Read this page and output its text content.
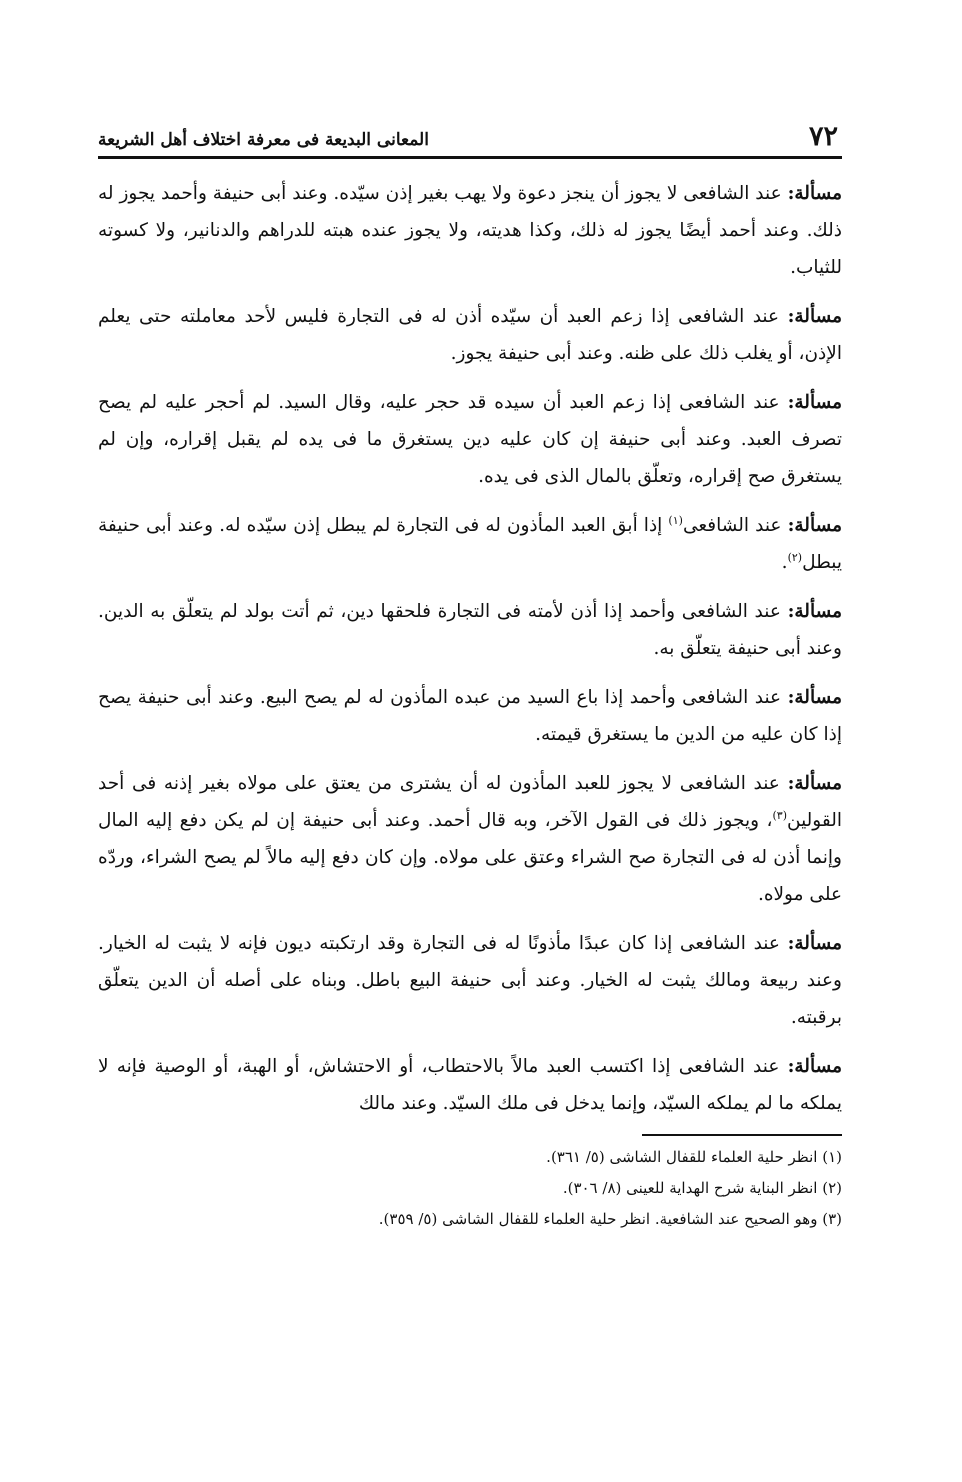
٧٢
المعانى البديعة فى معرفة اختلاف أهل الشريعة

مسألة: عند الشافعى لا يجوز أن ينجز دعوة ولا يهب بغير إذن سيّده. وعند أبى حنيفة وأحمد يجوز له ذلك. وعند أحمد أيضًا يجوز له ذلك، وكذا هديته، ولا يجوز عنده هبته للدراهم والدنانير، ولا كسوته للثياب.

مسألة: عند الشافعى إذا زعم العبد أن سيّده أذن له فى التجارة فليس لأحد معاملته حتى يعلم الإذن، أو يغلب ذلك على ظنه. وعند أبى حنيفة يجوز.

مسألة: عند الشافعى إذا زعم العبد أن سيده قد حجر عليه، وقال السيد. لم أحجر عليه لم يصح تصرف العبد. وعند أبى حنيفة إن كان عليه دين يستغرق ما فى يده لم يقبل إقراره، وإن لم يستغرق صح إقراره، وتعلّق بالمال الذى فى يده.

مسألة: عند الشافعى$^{(١)}$ إذا أبق العبد المأذون له فى التجارة لم يبطل إذن سيّده له. وعند أبى حنيفة يبطل$^{(٢)}$.

مسألة: عند الشافعى وأحمد إذا أذن لأمته فى التجارة فلحقها دين، ثم أتت بولد لم يتعلّق به الدين. وعند أبى حنيفة يتعلّق به.

مسألة: عند الشافعى وأحمد إذا باع السيد من عبده المأذون له لم يصح البيع. وعند أبى حنيفة يصح إذا كان عليه من الدين ما يستغرق قيمته.

مسألة: عند الشافعى لا يجوز للعبد المأذون له أن يشترى من يعتق على مولاه بغير إذنه فى أحد القولين$^{(٣)}$، ويجوز ذلك فى القول الآخر، وبه قال أحمد. وعند أبى حنيفة إن لم يكن دفع إليه المال وإنما أذن له فى التجارة صح الشراء وعتق على مولاه. وإن كان دفع إليه مالاً لم يصح الشراء، وردّه على مولاه.

مسألة: عند الشافعى إذا كان عبدًا مأذونًا له فى التجارة وقد ارتكبته ديون فإنه لا يثبت له الخيار. وعند ربيعة ومالك يثبت له الخيار. وعند أبى حنيفة البيع باطل. وبناه على أصله أن الدين يتعلّق برقبته.

مسألة: عند الشافعى إذا اكتسب العبد مالاً بالاحتطاب، أو الاحتشاش، أو الهبة، أو الوصية فإنه لا يملكه ما لم يملكه السيّد، وإنما يدخل فى ملك السيّد. وعند مالك

(١) انظر حلية العلماء للقفال الشاشى (٥/ ٣٦١).

(٢) انظر البناية شرح الهداية للعينى (٨/ ٣٠٦).

(٣) وهو الصحيح عند الشافعية. انظر حلية العلماء للقفال الشاشى (٥/ ٣٥٩).
